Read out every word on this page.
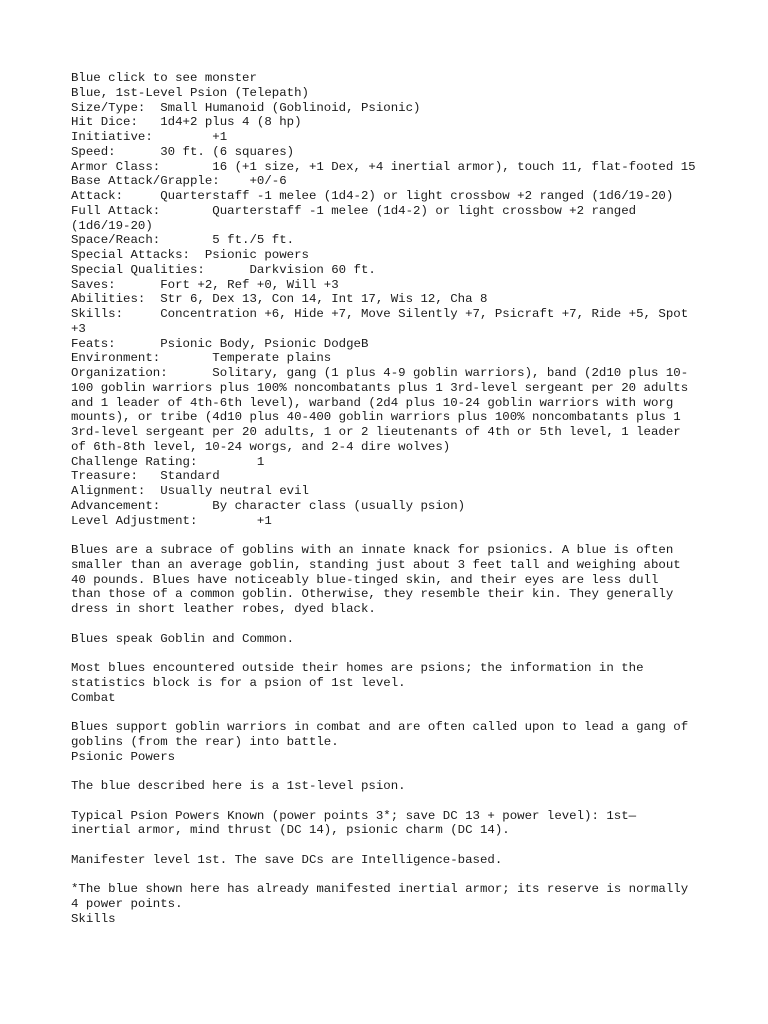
Blue click to see monster
Blue, 1st-Level Psion (Telepath)
Size/Type:  Small Humanoid (Goblinoid, Psionic)
Hit Dice:   1d4+2 plus 4 (8 hp)
Initiative:        +1
Speed:      30 ft. (6 squares)
Armor Class:       16 (+1 size, +1 Dex, +4 inertial armor), touch 11, flat-footed 15
Base Attack/Grapple:    +0/-6
Attack:     Quarterstaff -1 melee (1d4-2) or light crossbow +2 ranged (1d6/19-20)
Full Attack:       Quarterstaff -1 melee (1d4-2) or light crossbow +2 ranged
(1d6/19-20)
Space/Reach:       5 ft./5 ft.
Special Attacks:  Psionic powers
Special Qualities:      Darkvision 60 ft.
Saves:      Fort +2, Ref +0, Will +3
Abilities:  Str 6, Dex 13, Con 14, Int 17, Wis 12, Cha 8
Skills:     Concentration +6, Hide +7, Move Silently +7, Psicraft +7, Ride +5, Spot
+3
Feats:      Psionic Body, Psionic DodgeB
Environment:       Temperate plains
Organization:      Solitary, gang (1 plus 4-9 goblin warriors), band (2d10 plus 10-
100 goblin warriors plus 100% noncombatants plus 1 3rd-level sergeant per 20 adults
and 1 leader of 4th-6th level), warband (2d4 plus 10-24 goblin warriors with worg
mounts), or tribe (4d10 plus 40-400 goblin warriors plus 100% noncombatants plus 1
3rd-level sergeant per 20 adults, 1 or 2 lieutenants of 4th or 5th level, 1 leader
of 6th-8th level, 10-24 worgs, and 2-4 dire wolves)
Challenge Rating:        1
Treasure:   Standard
Alignment:  Usually neutral evil
Advancement:       By character class (usually psion)
Level Adjustment:        +1
Blues are a subrace of goblins with an innate knack for psionics. A blue is often
smaller than an average goblin, standing just about 3 feet tall and weighing about
40 pounds. Blues have noticeably blue-tinged skin, and their eyes are less dull
than those of a common goblin. Otherwise, they resemble their kin. They generally
dress in short leather robes, dyed black.
Blues speak Goblin and Common.
Most blues encountered outside their homes are psions; the information in the
statistics block is for a psion of 1st level.
Combat
Blues support goblin warriors in combat and are often called upon to lead a gang of
goblins (from the rear) into battle.
Psionic Powers
The blue described here is a 1st-level psion.
Typical Psion Powers Known (power points 3*; save DC 13 + power level): 1st—
inertial armor, mind thrust (DC 14), psionic charm (DC 14).
Manifester level 1st. The save DCs are Intelligence-based.
*The blue shown here has already manifested inertial armor; its reserve is normally
4 power points.
Skills
